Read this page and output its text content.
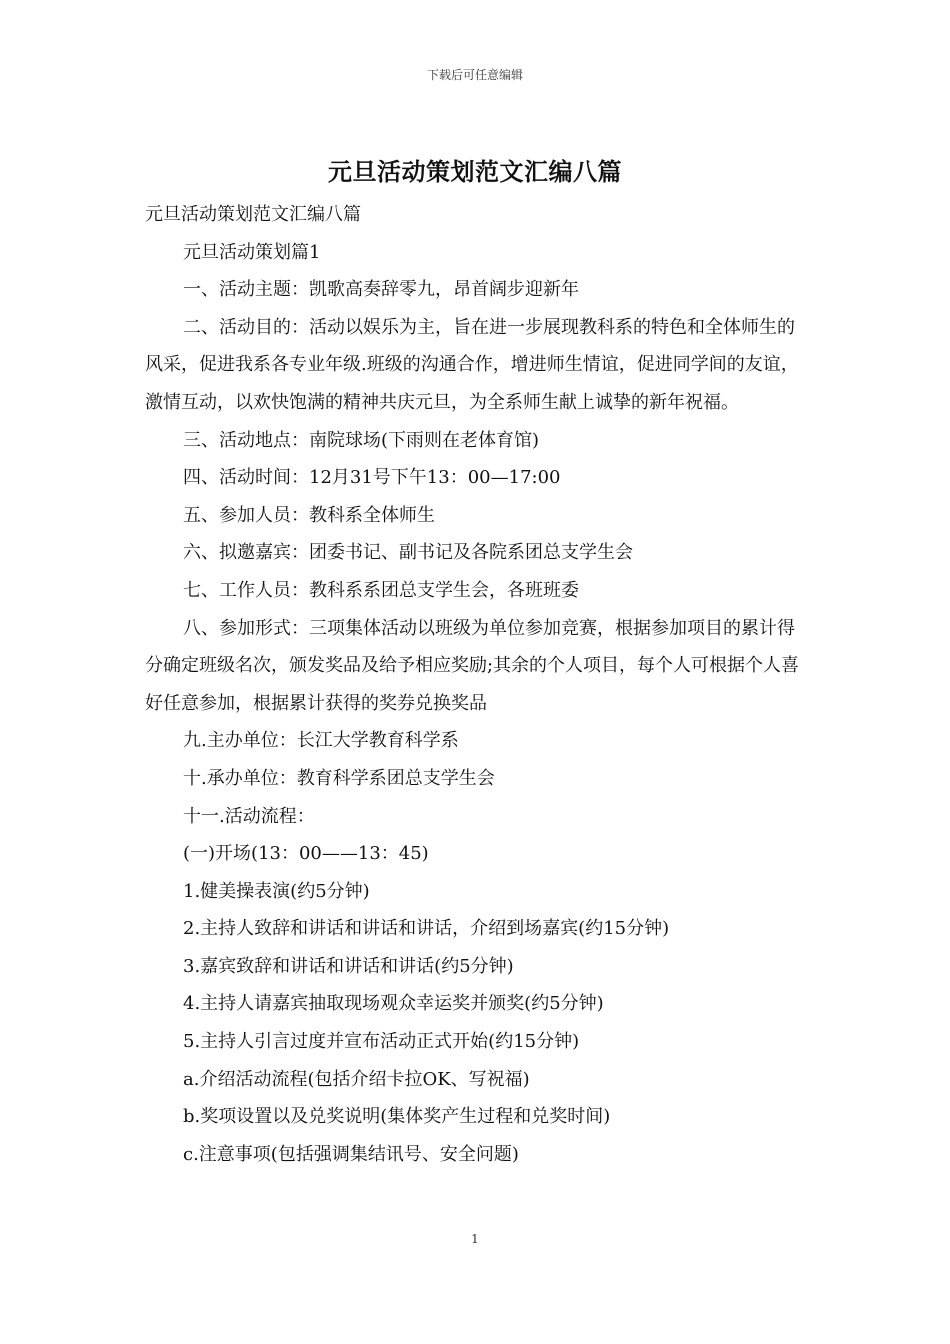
下载后可任意编辑
元旦活动策划范文汇编八篇

元旦活动策划范文汇编八篇

元旦活动策划篇1

一、活动主题：凯歌高奏辞零九，昂首阔步迎新年

二、活动目的：活动以娱乐为主，旨在进一步展现教科系的特色和全体师生的风采，促进我系各专业年级.班级的沟通合作，增进师生情谊，促进同学间的友谊，激情互动，以欢快饱满的精神共庆元旦，为全系师生献上诚挚的新年祝福。

三、活动地点：南院球场(下雨则在老体育馆)

四、活动时间：12月31号下午13：00—17:00

五、参加人员：教科系全体师生

六、拟邀嘉宾：团委书记、副书记及各院系团总支学生会

七、工作人员：教科系系团总支学生会，各班班委

八、参加形式：三项集体活动以班级为单位参加竞赛，根据参加项目的累计得分确定班级名次，颁发奖品及给予相应奖励;其余的个人项目，每个人可根据个人喜好任意参加，根据累计获得的奖券兑换奖品

九.主办单位：长江大学教育科学系

十.承办单位：教育科学系团总支学生会

十一.活动流程：

(一)开场(13：00——13：45)

1.健美操表演(约5分钟)

2.主持人致辞和讲话和讲话和讲话，介绍到场嘉宾(约15分钟)

3.嘉宾致辞和讲话和讲话和讲话(约5分钟)

4.主持人请嘉宾抽取现场观众幸运奖并颁奖(约5分钟)

5.主持人引言过度并宣布活动正式开始(约15分钟)

a.介绍活动流程(包括介绍卡拉OK、写祝福)

b.奖项设置以及兑奖说明(集体奖产生过程和兑奖时间)

c.注意事项(包括强调集结讯号、安全问题)

1
